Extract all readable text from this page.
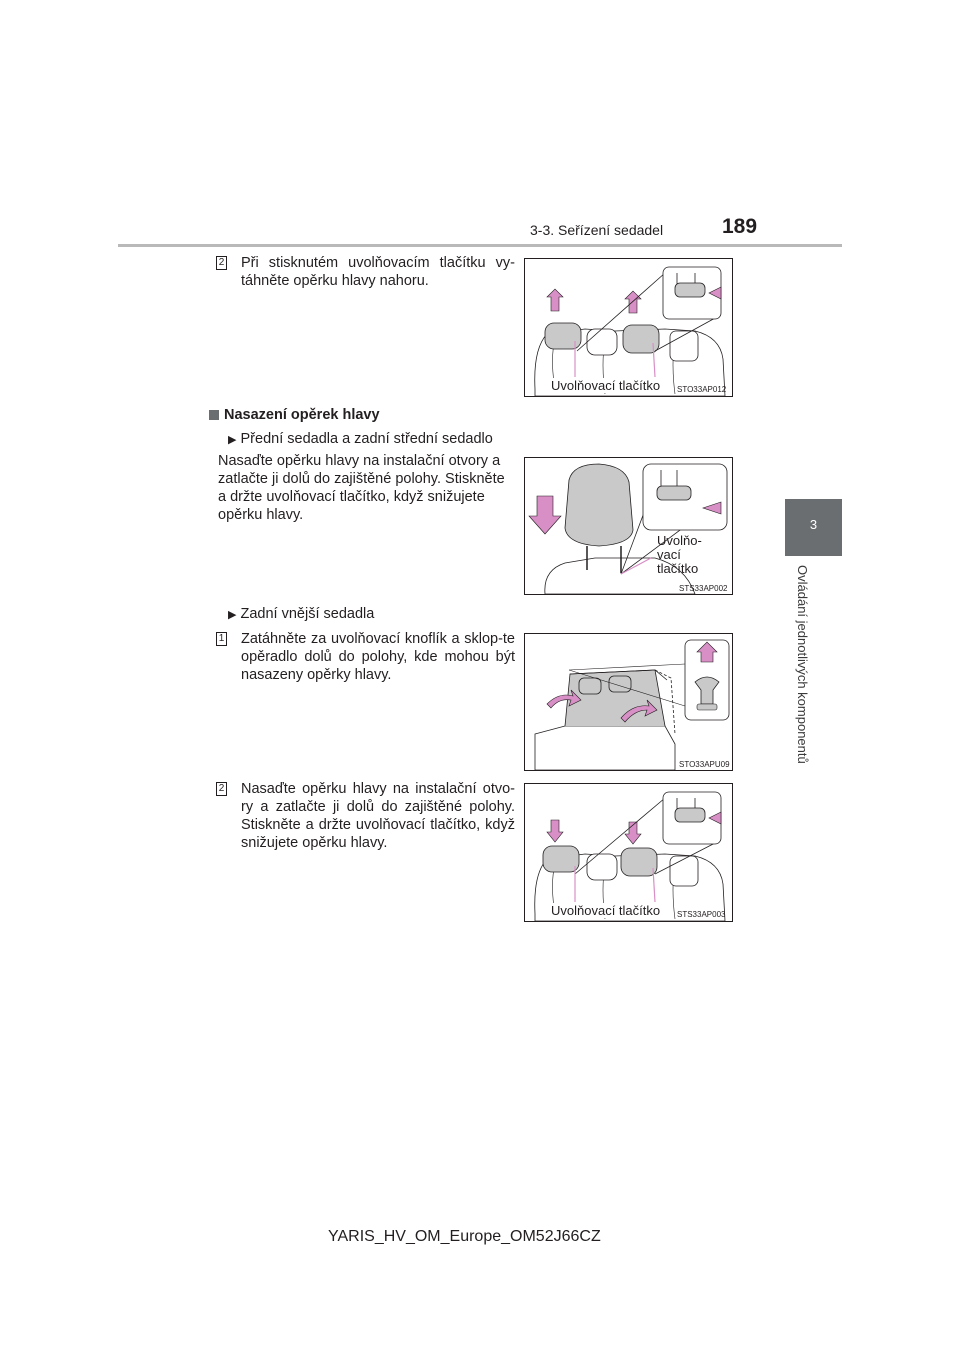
3-3. Seřízení sedadel	189
3
Ovládání jednotlivých komponentů
2 Při stisknutém uvolňovacím tlačítku vy-táhněte opěrku hlavy nahoru.
Uvolňovací tlačítko STO33AP012
Nasazení opěrek hlavy
▶ Přední sedadla a zadní střední sedadlo
Nasaďte opěrku hlavy na instalační otvory a zatlačte ji dolů do zajištěné polohy. Stiskněte a držte uvolňovací tlačítko, když snižujete opěrku hlavy.
Uvolňo-
vací
tlačítko
STS33AP002
▶ Zadní vnější sedadla
1 Zatáhněte za uvolňovací knoflík a sklop-te opěradlo dolů do polohy, kde mohou být nasazeny opěrky hlavy.
STO33APU09
2 Nasaďte opěrku hlavy na instalační otvo-ry a zatlačte ji dolů do zajištěné polohy. Stiskněte a držte uvolňovací tlačítko, když snižujete opěrku hlavy.
Uvolňovací tlačítko STS33AP003
YARIS_HV_OM_Europe_OM52J66CZ
